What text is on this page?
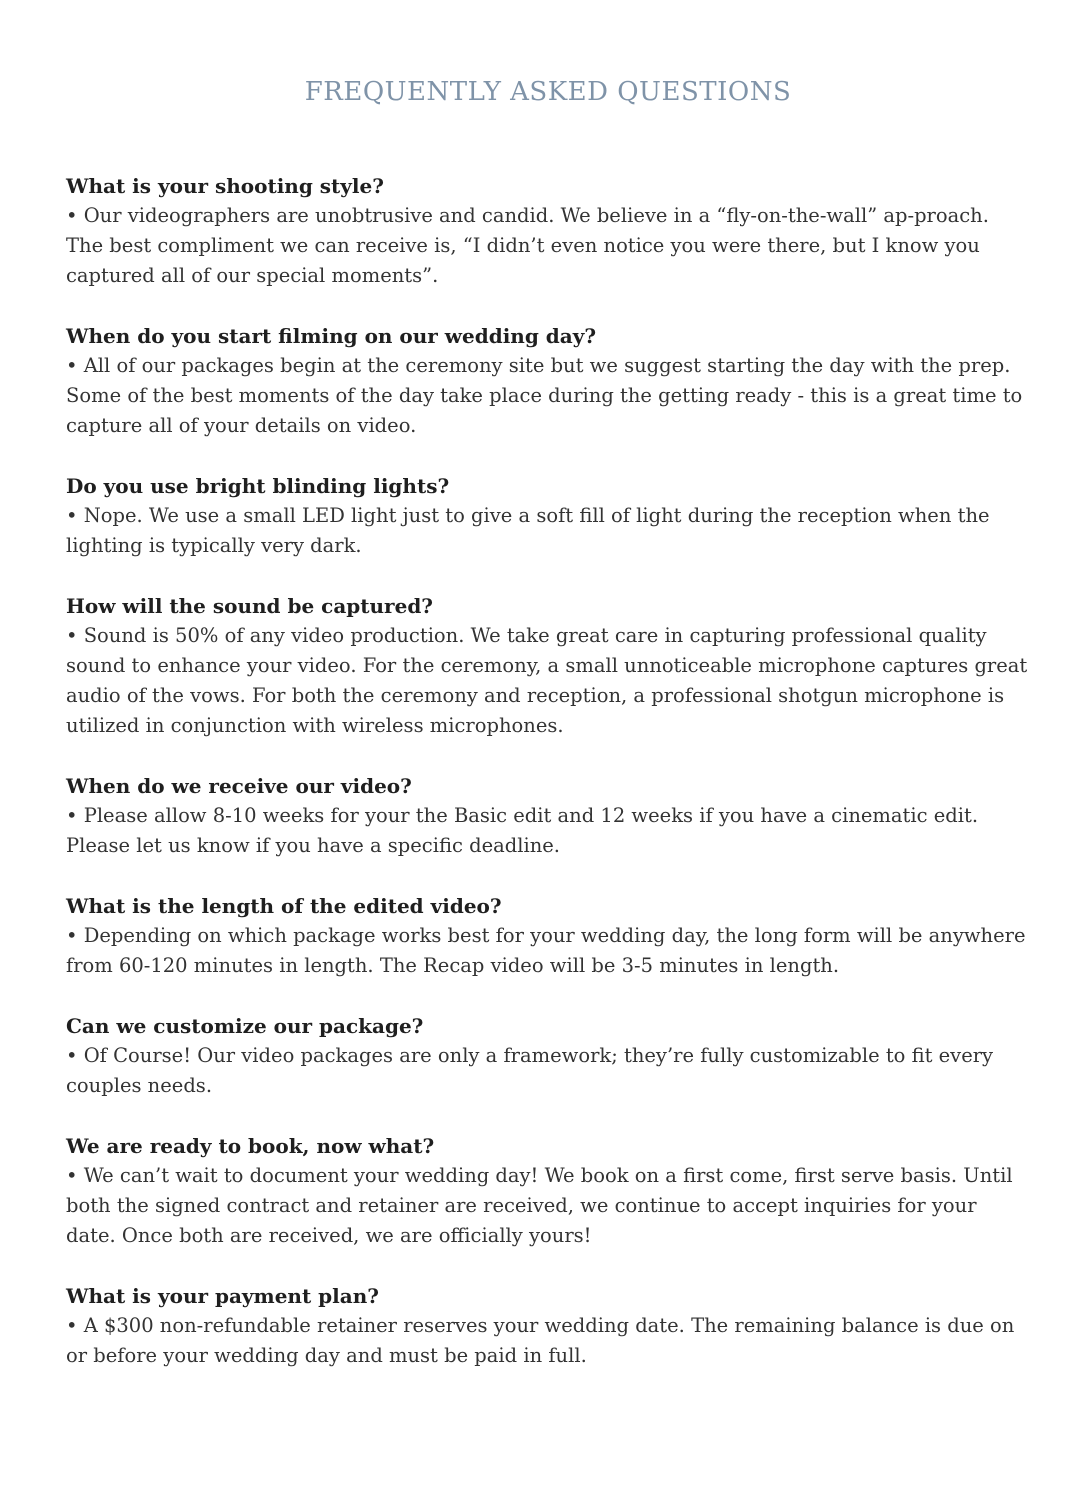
FREQUENTLY ASKED QUESTIONS

What is your shooting style?

• Our videographers are unobtrusive and candid. We believe in a “fly-on-the-wall” ap-proach. The best compliment we can receive is, “I didn’t even notice you were there, but I know you captured all of our special moments”.

When do you start filming on our wedding day?

• All of our packages begin at the ceremony site but we suggest starting the day with the prep. Some of the best moments of the day take place during the getting ready - this is a great time to capture all of your details on video.

Do you use bright blinding lights?

• Nope. We use a small LED light just to give a soft fill of light during the reception when the lighting is typically very dark.

How will the sound be captured?

• Sound is 50% of any video production. We take great care in capturing professional quality sound to enhance your video. For the ceremony, a small unnoticeable microphone captures great audio of the vows. For both the ceremony and reception, a professional shotgun microphone is utilized in conjunction with wireless microphones.

When do we receive our video?

• Please allow 8-10 weeks for your the Basic edit and 12 weeks if you have a cinematic edit. Please let us know if you have a specific deadline.

What is the length of the edited video?

• Depending on which package works best for your wedding day, the long form will be anywhere from 60-120 minutes in length. The Recap video will be 3-5 minutes in length.

Can we customize our package?

• Of Course! Our video packages are only a framework; they’re fully customizable to fit every couples needs.

We are ready to book, now what?

• We can’t wait to document your wedding day! We book on a first come, first serve basis. Until both the signed contract and retainer are received, we continue to accept inquiries for your date. Once both are received, we are officially yours!

What is your payment plan?

• A $300 non-refundable retainer reserves your wedding date. The remaining balance is due on or before your wedding day and must be paid in full.
